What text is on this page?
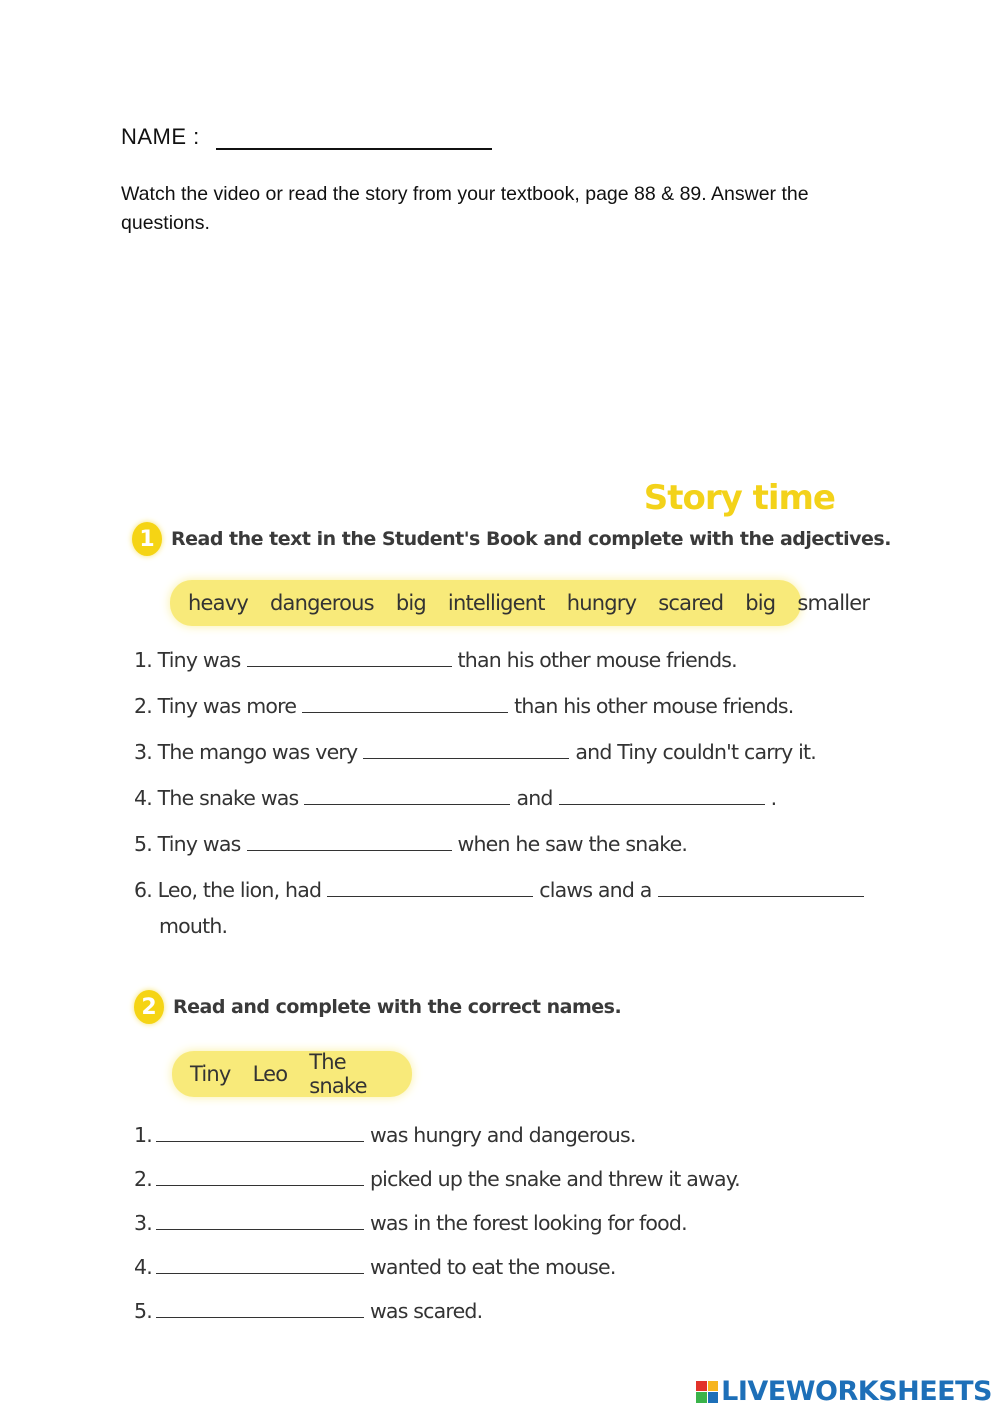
NAME :
Watch the video or read the story from your textbook, page 88 & 89. Answer the questions.
Story time
1 Read the text in the Student's Book and complete with the adjectives.
heavy dangerous big intelligent hungry scared big smaller
1. Tiny was	than his other mouse friends.
2. Tiny was more	than his other mouse friends.
3. The mango was very	and Tiny couldn't carry it.
4. The snake was	and	.
5. Tiny was	when he saw the snake.
6. Leo, the lion, had	claws and a
mouth.
2 Read and complete with the correct names.
Tiny Leo The snake
1.	was hungry and dangerous.
2.	picked up the snake and threw it away.
3.	was in the forest looking for food.
4.	wanted to eat the mouse.
5.	was scared.
LIVEWORKSHEETS
